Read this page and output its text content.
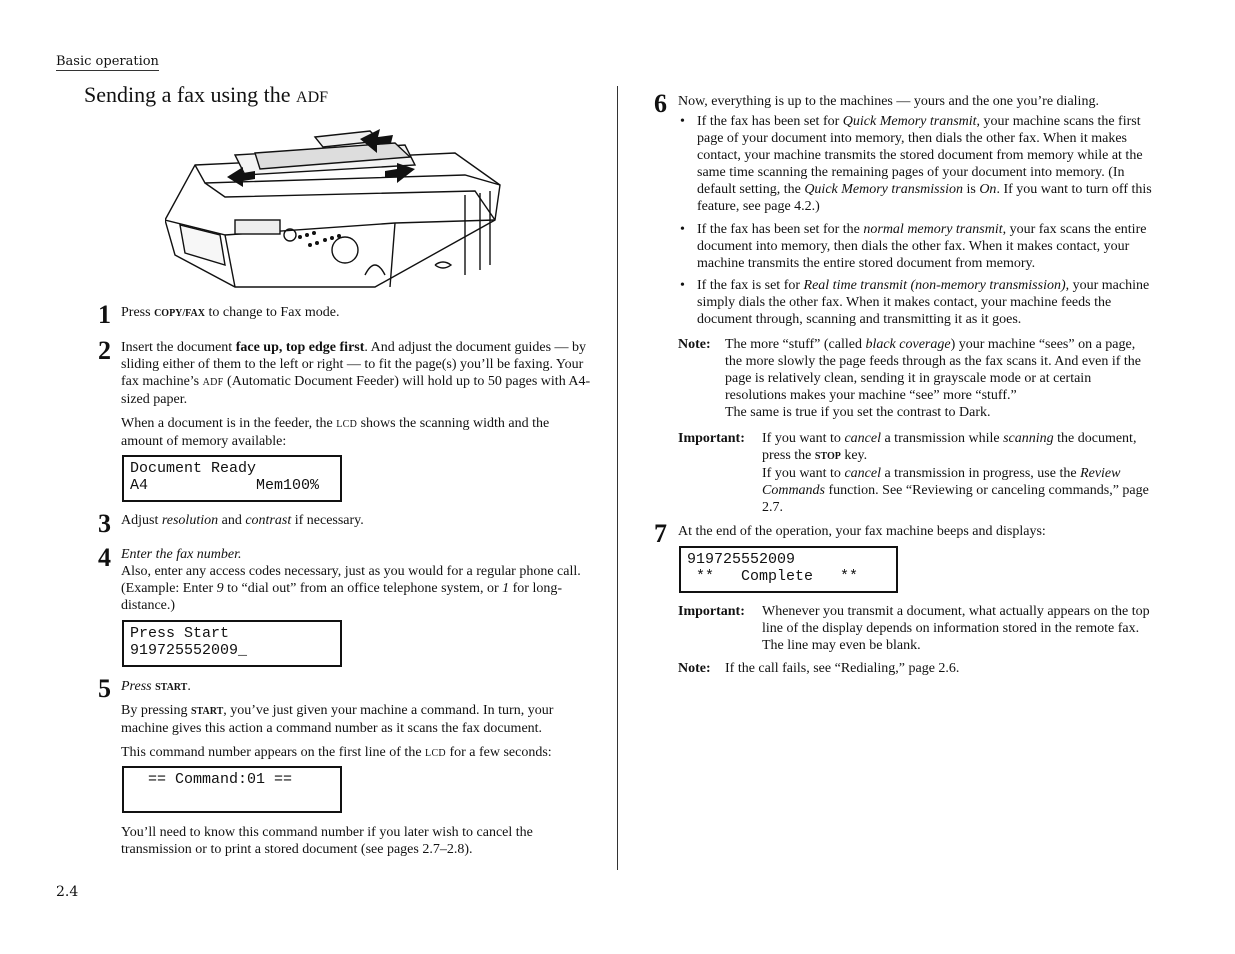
Basic operation
Sending a fax using the ADF
1 Press COPY/FAX to change to Fax mode.
2 Insert the document face up, top edge first. And adjust the document guides — by sliding either of them to the left or right — to fit the page(s) you’ll be faxing. Your fax machine’s ADF (Automatic Document Feeder) will hold up to 50 pages with A4-sized paper.
When a document is in the feeder, the LCD shows the scanning width and the amount of memory available:
Document Ready
A4            Mem100%
3 Adjust resolution and contrast if necessary.
4 Enter the fax number.
Also, enter any access codes necessary, just as you would for a regular phone call. (Example: Enter 9 to “dial out” from an office telephone system, or 1 for long-distance.)
Press Start
919725552009_
5 Press START.
By pressing START, you’ve just given your machine a command. In turn, your machine gives this action a command number as it scans the fax document.
This command number appears on the first line of the LCD for a few seconds:
== Command:01 ==
You’ll need to know this command number if you later wish to cancel the transmission or to print a stored document (see pages 2.7–2.8).
6 Now, everything is up to the machines — yours and the one you’re dialing.
• If the fax has been set for Quick Memory transmit, your machine scans the first page of your document into memory, then dials the other fax. When it makes contact, your machine transmits the stored document from memory while at the same time scanning the remaining pages of your document into memory. (In default setting, the Quick Memory transmission is On. If you want to turn off this feature, see page 4.2.)
• If the fax has been set for the normal memory transmit, your fax scans the entire document into memory, then dials the other fax. When it makes contact, your machine transmits the entire stored document from memory.
• If the fax is set for Real time transmit (non-memory transmission), your machine simply dials the other fax. When it makes contact, your machine feeds the document through, scanning and transmitting it as it goes.
Note: The more “stuff” (called black coverage) your machine “sees” on a page, the more slowly the page feeds through as the fax scans it. And even if the page is relatively clean, sending it in grayscale mode or at certain resolutions makes your machine “see” more “stuff.”
The same is true if you set the contrast to Dark.
Important: If you want to cancel a transmission while scanning the document, press the STOP key.
If you want to cancel a transmission in progress, use the Review Commands function. See “Reviewing or canceling commands,” page 2.7.
7 At the end of the operation, your fax machine beeps and displays:
919725552009
**   Complete   **
Important: Whenever you transmit a document, what actually appears on the top line of the display depends on information stored in the remote fax. The line may even be blank.
Note: If the call fails, see “Redialing,” page 2.6.
2.4
